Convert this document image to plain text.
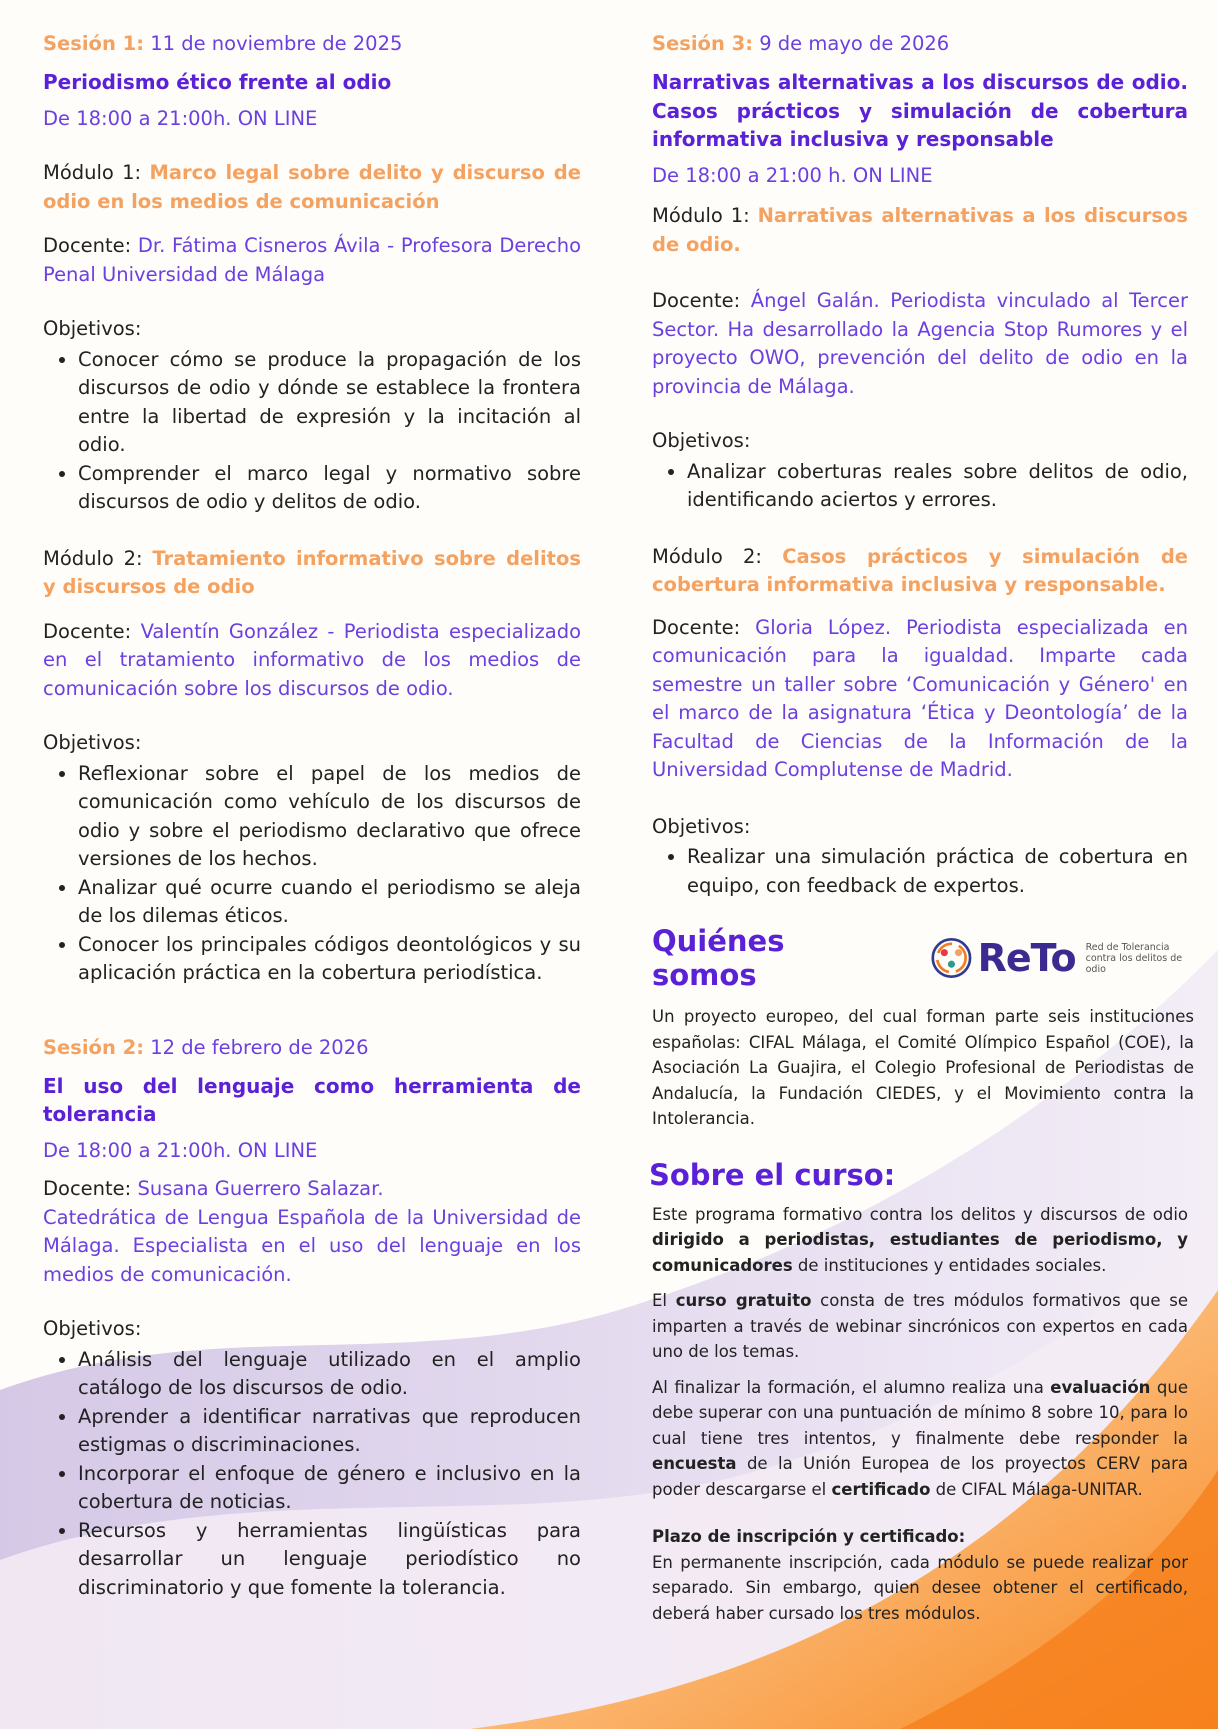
Sesión 1: 11 de noviembre de 2025

Periodismo ético frente al odio

De 18:00 a 21:00h. ON LINE

Módulo 1: Marco legal sobre delito y discurso de odio en los medios de comunicación

Docente: Dr. Fátima Cisneros Ávila - Profesora Derecho Penal Universidad de Málaga

Objetivos:

• Conocer cómo se produce la propagación de los discursos de odio y dónde se establece la frontera entre la libertad de expresión y la incitación al odio.
• Comprender el marco legal y normativo sobre discursos de odio y delitos de odio.

Módulo 2: Tratamiento informativo sobre delitos y discursos de odio

Docente: Valentín González - Periodista especializado en el tratamiento informativo de los medios de comunicación sobre los discursos de odio.

Objetivos:

• Reflexionar sobre el papel de los medios de comunicación como vehículo de los discursos de odio y sobre el periodismo declarativo que ofrece versiones de los hechos.
• Analizar qué ocurre cuando el periodismo se aleja de los dilemas éticos.
• Conocer los principales códigos deontológicos y su aplicación práctica en la cobertura periodística.

Sesión 2: 12 de febrero de 2026

El uso del lenguaje como herramienta de tolerancia

De 18:00 a 21:00h. ON LINE

Docente: Susana Guerrero Salazar.
Catedrática de Lengua Española de la Universidad de Málaga. Especialista en el uso del lenguaje en los medios de comunicación.

Objetivos:

• Análisis del lenguaje utilizado en el amplio catálogo de los discursos de odio.
• Aprender a identificar narrativas que reproducen estigmas o discriminaciones.
• Incorporar el enfoque de género e inclusivo en la cobertura de noticias.
• Recursos y herramientas lingüísticas para desarrollar un lenguaje periodístico no discriminatorio y que fomente la tolerancia.

Sesión 3: 9 de mayo de 2026

Narrativas alternativas a los discursos de odio. Casos prácticos y simulación de cobertura informativa inclusiva y responsable

De 18:00 a 21:00 h. ON LINE

Módulo 1: Narrativas alternativas a los discursos de odio.

Docente: Ángel Galán. Periodista vinculado al Tercer Sector. Ha desarrollado la Agencia Stop Rumores y el proyecto OWO, prevención del delito de odio en la provincia de Málaga.

Objetivos:

• Analizar coberturas reales sobre delitos de odio, identificando aciertos y errores.

Módulo 2: Casos prácticos y simulación de cobertura informativa inclusiva y responsable.

Docente: Gloria López. Periodista especializada en comunicación para la igualdad. Imparte cada semestre un taller sobre ‘Comunicación y Género' en el marco de la asignatura ‘Ética y Deontología’ de la Facultad de Ciencias de la Información de la Universidad Complutense de Madrid.

Objetivos:

• Realizar una simulación práctica de cobertura en equipo, con feedback de expertos.
Quiénes somos	ReTo Red de Tolerancia
contra los delitos de odio

Un proyecto europeo, del cual forman parte seis instituciones españolas: CIFAL Málaga, el Comité Olímpico Español (COE), la Asociación La Guajira, el Colegio Profesional de Periodistas de Andalucía, la Fundación CIEDES, y el Movimiento contra la Intolerancia.

Sobre el curso:

Este programa formativo contra los delitos y discursos de odio dirigido a periodistas, estudiantes de periodismo, y comunicadores de instituciones y entidades sociales.

El curso gratuito consta de tres módulos formativos que se imparten a través de webinar sincrónicos con expertos en cada uno de los temas.

Al finalizar la formación, el alumno realiza una evaluación que debe superar con una puntuación de mínimo 8 sobre 10, para lo cual tiene tres intentos, y finalmente debe responder la encuesta de la Unión Europea de los proyectos CERV para poder descargarse el certificado de CIFAL Málaga-UNITAR.

Plazo de inscripción y certificado:

En permanente inscripción, cada módulo se puede realizar por separado. Sin embargo, quien desee obtener el certificado, deberá haber cursado los tres módulos.
